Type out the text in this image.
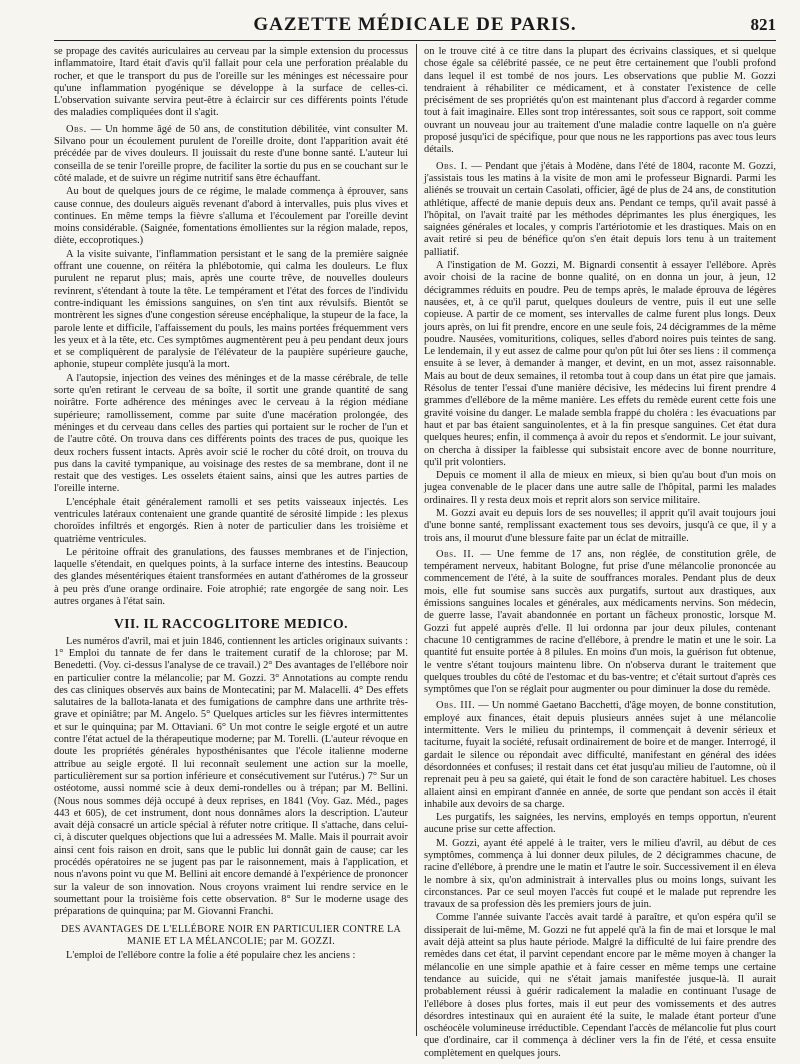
GAZETTE MÉDICALE DE PARIS.	821

se propage des cavités auriculaires au cerveau par la simple extension du processus inflammatoire, Itard était d'avis qu'il fallait pour cela une perforation préalable du rocher, et que le transport du pus de l'oreille sur les méninges est nécessaire pour qu'une inflammation pyogénique se développe à la surface de celles-ci. L'observation suivante servira peut-être à éclaircir sur ces différents points l'étude des maladies compliquées dont il s'agit.

Obs. — Un homme âgé de 50 ans, de constitution débilitée, vint consulter M. Silvano pour un écoulement purulent de l'oreille droite, dont l'apparition avait été précédée par de vives douleurs. Il jouissait du reste d'une bonne santé. L'auteur lui conseilla de se tenir l'oreille propre, de faciliter la sortie du pus en se couchant sur le côté malade, et de suivre un régime nutritif sans être échauffant.

Au bout de quelques jours de ce régime, le malade commença à éprouver, sans cause connue, des douleurs aiguës revenant d'abord à intervalles, puis plus vives et continues. En même temps la fièvre s'alluma et l'écoulement par l'oreille devint moins considérable. (Saignée, fomentations émollientes sur la région malade, repos, diète, eccoprotiques.)

A la visite suivante, l'inflammation persistant et le sang de la première saignée offrant une couenne, on réitéra la phlébotomie, qui calma les douleurs. Le flux purulent ne reparut plus; mais, après une courte trêve, de nouvelles douleurs revinrent, s'étendant à toute la tête. Le tempérament et l'état des forces de l'individu contre-indiquant les émissions sanguines, on s'en tint aux révulsifs. Bientôt se montrèrent les signes d'une congestion séreuse encéphalique, la stupeur de la face, la parole lente et difficile, l'affaissement du pouls, les mains portées fréquemment vers les yeux et à la tête, etc. Ces symptômes augmentèrent peu à peu pendant deux jours et se compliquèrent de paralysie de l'élévateur de la paupière supérieure gauche, aphonie, stupeur complète jusqu'à la mort.

A l'autopsie, injection des veines des méninges et de la masse cérébrale, de telle sorte qu'en retirant le cerveau de sa boîte, il sortit une grande quantité de sang noirâtre. Forte adhérence des méninges avec le cerveau à la région médiane supérieure; ramollissement, comme par suite d'une macération prolongée, des méninges et du cerveau dans celles des parties qui portaient sur le rocher de l'un et de l'autre côté. On trouva dans ces différents points des traces de pus, quoique les deux rochers fussent intacts. Après avoir scié le rocher du côté droit, on trouva du pus dans la cavité tympanique, au voisinage des restes de sa membrane, dont il ne restait que des vestiges. Les osselets étaient sains, ainsi que les autres parties de l'oreille interne.

L'encéphale était généralement ramolli et ses petits vaisseaux injectés. Les ventricules latéraux contenaient une grande quantité de sérosité limpide : les plexus choroïdes infiltrés et engorgés. Rien à noter de particulier dans les troisième et quatrième ventricules.

Le péritoine offrait des granulations, des fausses membranes et de l'injection, laquelle s'étendait, en quelques points, à la surface interne des intestins. Beaucoup des glandes mésentériques étaient transformées en autant d'athéromes de la grosseur à peu près d'une orange ordinaire. Foie atrophié; rate engorgée de sang noir. Les autres organes à l'état sain.

VII. IL RACCOGLITORE MEDICO.

Les numéros d'avril, mai et juin 1846, contiennent les articles originaux suivants : 1° Emploi du tannate de fer dans le traitement curatif de la chlorose; par M. Benedetti. (Voy. ci-dessus l'analyse de ce travail.) 2° Des avantages de l'ellébore noir en particulier contre la mélancolie; par M. Gozzi. 3° Annotations au compte rendu des cas cliniques observés aux bains de Montecatini; par M. Malacelli. 4° Des effets salutaires de la ballota-lanata et des fumigations de camphre dans une arthrite très-grave et opiniâtre; par M. Angelo. 5° Quelques articles sur les fièvres intermittentes et sur le quinquina; par M. Ottaviani. 6° Un mot contre le seigle ergoté et un autre contre l'état actuel de la thérapeutique moderne; par M. Torelli. (L'auteur révoque en doute les propriétés générales hyposthénisantes que l'école italienne moderne attribue au seigle ergoté. Il lui reconnaît seulement une action sur la moelle, particulièrement sur sa portion inférieure et consécutivement sur l'utérus.) 7° Sur un ostéotome, aussi nommé scie à deux demi-rondelles ou à trépan; par M. Bellini. (Nous nous sommes déjà occupé à deux reprises, en 1841 (Voy. Gaz. Méd., pages 443 et 605), de cet instrument, dont nous donnâmes alors la description. L'auteur avait déjà consacré un article spécial à réfuter notre critique. Il s'attache, dans celui-ci, à discuter quelques objections que lui a adressées M. Malle. Mais il pourrait avoir ainsi cent fois raison en droit, sans que le public lui donnât gain de cause; car les procédés opératoires ne se jugent pas par le raisonnement, mais à l'application, et nous n'avons point vu que M. Bellini ait encore demandé à l'expérience de prononcer sur la valeur de son innovation. Nous croyons vraiment lui rendre service en le soumettant pour la troisième fois cette observation. 8° Sur le moderne usage des préparations de quinquina; par M. Giovanni Franchi.

DES AVANTAGES DE L'ELLÉBORE NOIR EN PARTICULIER CONTRE LA MANIE ET LA MÉLANCOLIE; par M. GOZZI.

L'emploi de l'ellébore contre la folie a été populaire chez les anciens :

on le trouve cité à ce titre dans la plupart des écrivains classiques, et si quelque chose égale sa célébrité passée, ce ne peut être certainement que l'oubli profond dans lequel il est tombé de nos jours. Les observations que publie M. Gozzi tendraient à réhabiliter ce médicament, et à constater l'existence de celle précisément de ses propriétés qu'on est maintenant plus d'accord à regarder comme tout à fait imaginaire. Elles sont trop intéressantes, soit sous ce rapport, soit comme ouvrant un nouveau jour au traitement d'une maladie contre laquelle on n'a guère proposé jusqu'ici de spécifique, pour que nous ne les rapportions pas avec tous leurs détails.

Obs. I. — Pendant que j'étais à Modène, dans l'été de 1804, raconte M. Gozzi, j'assistais tous les matins à la visite de mon ami le professeur Bignardi. Parmi les aliénés se trouvait un certain Casolati, officier, âgé de plus de 24 ans, de constitution athlétique, affecté de manie depuis deux ans. Pendant ce temps, qu'il avait passé à l'hôpital, on l'avait traité par les méthodes déprimantes les plus énergiques, les saignées générales et locales, y compris l'artériotomie et les drastiques. Mais on en avait retiré si peu de bénéfice qu'on s'en était depuis lors tenu à un traitement palliatif.

A l'instigation de M. Gozzi, M. Bignardi consentit à essayer l'ellébore. Après avoir choisi de la racine de bonne qualité, on en donna un jour, à jeun, 12 décigrammes réduits en poudre. Peu de temps après, le malade éprouva de légères nausées, et, à ce qu'il parut, quelques douleurs de ventre, puis il eut une selle copieuse. A partir de ce moment, ses intervalles de calme furent plus longs. Deux jours après, on lui fit prendre, encore en une seule fois, 24 décigrammes de la même poudre. Nausées, vomituritions, coliques, selles d'abord noires puis teintes de sang. Le lendemain, il y eut assez de calme pour qu'on pût lui ôter ses liens : il commença ensuite à se lever, à demander à manger, et devint, en un mot, assez raisonnable. Mais au bout de deux semaines, il retomba tout à coup dans un état pire que jamais. Résolus de tenter l'essai d'une manière décisive, les médecins lui firent prendre 4 grammes d'ellébore de la même manière. Les effets du remède eurent cette fois une gravité voisine du danger. Le malade sembla frappé du choléra : les évacuations par haut et par bas étaient sanguinolentes, et à la fin presque sanguines. Cet état dura quelques heures; enfin, il commença à avoir du repos et s'endormit. Le jour suivant, on chercha à dissiper la faiblesse qui subsistait encore avec de bonne nourriture, qu'il prit volontiers.

Depuis ce moment il alla de mieux en mieux, si bien qu'au bout d'un mois on jugea convenable de le placer dans une autre salle de l'hôpital, parmi les malades ordinaires. Il y resta deux mois et reprit alors son service militaire.

M. Gozzi avait eu depuis lors de ses nouvelles; il apprit qu'il avait toujours joui d'une bonne santé, remplissant exactement tous ses devoirs, jusqu'à ce que, il y a trois ans, il mourut d'une blessure faite par un éclat de mitraille.

Obs. II. — Une femme de 17 ans, non réglée, de constitution grêle, de tempérament nerveux, habitant Bologne, fut prise d'une mélancolie prononcée au commencement de l'été, à la suite de souffrances morales. Pendant plus de deux mois, elle fut soumise sans succès aux purgatifs, surtout aux drastiques, aux émissions sanguines locales et générales, aux médicaments nervins. Son médecin, de guerre lasse, l'avait abandonnée en portant un fâcheux pronostic, lorsque M. Gozzi fut appelé auprès d'elle. Il lui ordonna par jour deux pilules, contenant chacune 10 centigrammes de racine d'ellébore, à prendre le matin et une le soir. La quantité fut ensuite portée à 8 pilules. En moins d'un mois, la guérison fut obtenue, le ventre s'étant toujours maintenu libre. On n'observa durant le traitement que quelques troubles du côté de l'estomac et du bas-ventre; et c'était surtout d'après ces symptômes que l'on se réglait pour augmenter ou pour diminuer la dose du remède.

Obs. III. — Un nommé Gaetano Bacchetti, d'âge moyen, de bonne constitution, employé aux finances, était depuis plusieurs années sujet à une mélancolie intermittente. Vers le milieu du printemps, il commençait à devenir sérieux et taciturne, fuyait la société, refusait ordinairement de boire et de manger. Interrogé, il gardait le silence ou répondait avec difficulté, manifestant en général des idées désordonnées et confuses; il restait dans cet état jusqu'au milieu de l'automne, où il reprenait peu à peu sa gaieté, qui était le fond de son caractère habituel. Les choses allaient ainsi en empirant d'année en année, de sorte que pendant son accès il était inhabile aux devoirs de sa charge.

Les purgatifs, les saignées, les nervins, employés en temps opportun, n'eurent aucune prise sur cette affection.

M. Gozzi, ayant été appelé à le traiter, vers le milieu d'avril, au début de ces symptômes, commença à lui donner deux pilules, de 2 décigrammes chacune, de racine d'ellébore, à prendre une le matin et l'autre le soir. Successivement il en éleva le nombre à six, qu'on administrait à intervalles plus ou moins longs, suivant les circonstances. Par ce seul moyen l'accès fut coupé et le malade put reprendre les travaux de sa profession dès les premiers jours de juin.

Comme l'année suivante l'accès avait tardé à paraître, et qu'on espéra qu'il se dissiperait de lui-même, M. Gozzi ne fut appelé qu'à la fin de mai et lorsque le mal avait déjà atteint sa plus haute période. Malgré la difficulté de lui faire prendre des remèdes dans cet état, il parvint cependant encore par le même moyen à changer la mélancolie en une simple apathie et à faire cesser en même temps une certaine tendance au suicide, qui ne s'était jamais manifestée jusque-là. Il aurait probablement réussi à guérir radicalement la maladie en continuant l'usage de l'ellébore à doses plus fortes, mais il eut peur des vomissements et des autres désordres intestinaux qui en auraient été la suite, le malade étant porteur d'une oschéocèle volumineuse irréductible. Cependant l'accès de mélancolie fut plus court que d'ordinaire, car il commença à décliner vers la fin de l'été, et cessa ensuite complètement en quelques jours.
